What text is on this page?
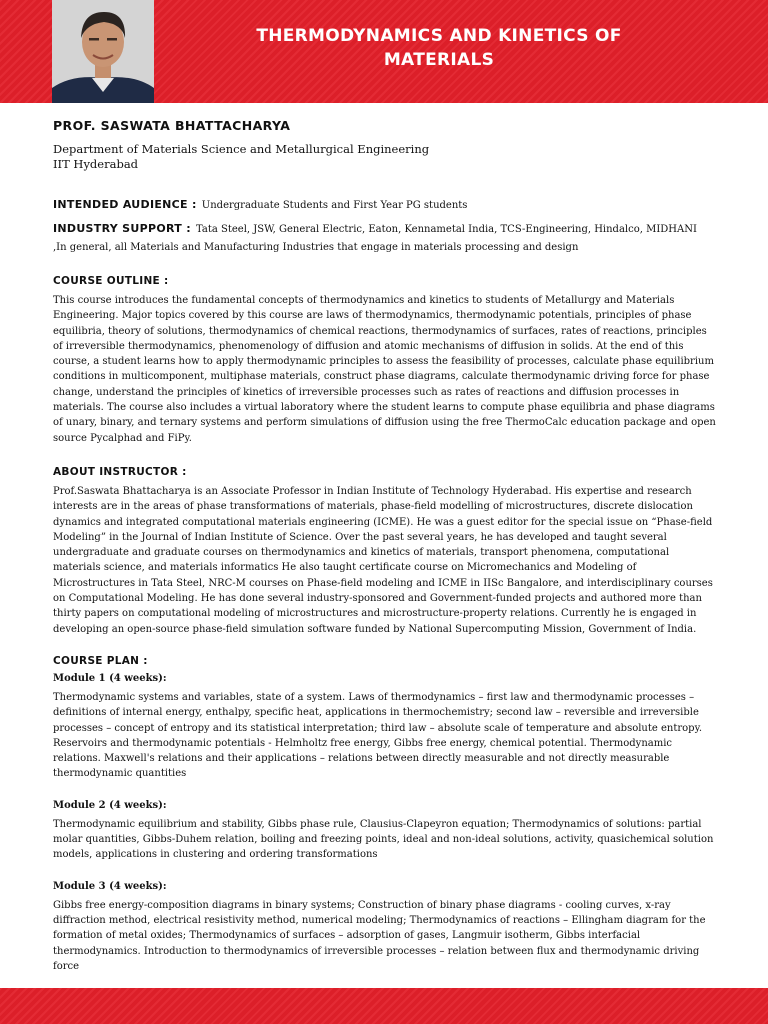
THERMODYNAMICS AND KINETICS OF
MATERIALS
PROF. SASWATA BHATTACHARYA
Department of Materials Science and Metallurgical Engineering
IIT Hyderabad
INTENDED AUDIENCE : Undergraduate Students and First Year PG students
INDUSTRY SUPPORT : Tata Steel, JSW, General Electric, Eaton, Kennametal India, TCS-Engineering, Hindalco, MIDHANI
,In general, all Materials and Manufacturing Industries that engage in materials processing and design
COURSE OUTLINE :

This course introduces the fundamental concepts of thermodynamics and kinetics to students of Metallurgy and Materials Engineering. Major topics covered by this course are laws of thermodynamics, thermodynamic potentials, principles of phase equilibria, theory of solutions, thermodynamics of chemical reactions, thermodynamics of surfaces, rates of reactions, principles of irreversible thermodynamics, phenomenology of diffusion and atomic mechanisms of diffusion in solids. At the end of this course, a student learns how to apply thermodynamic principles to assess the feasibility of processes, calculate phase equilibrium conditions in multicomponent, multiphase materials, construct phase diagrams, calculate thermodynamic driving force for phase change, understand the principles of kinetics of irreversible processes such as rates of reactions and diffusion processes in materials. The course also includes a virtual laboratory where the student learns to compute phase equilibria and phase diagrams of unary, binary, and ternary systems and perform simulations of diffusion using the free ThermoCalc education package and open source Pycalphad and FiPy.

ABOUT INSTRUCTOR :

Prof.Saswata Bhattacharya is an Associate Professor in Indian Institute of Technology Hyderabad. His expertise and research interests are in the areas of phase transformations of materials, phase-field modelling of microstructures, discrete dislocation dynamics and integrated computational materials engineering (ICME). He was a guest editor for the special issue on “Phase-field Modeling” in the Journal of Indian Institute of Science. Over the past several years, he has developed and taught several undergraduate and graduate courses on thermodynamics and kinetics of materials, transport phenomena, computational materials science, and materials informatics He also taught certificate course on Micromechanics and Modeling of Microstructures in Tata Steel, NRC-M courses on Phase-field modeling and ICME in IISc Bangalore, and interdisciplinary courses on Computational Modeling. He has done several industry-sponsored and Government-funded projects and authored more than thirty papers on computational modeling of microstructures and microstructure-property relations. Currently he is engaged in developing an open-source phase-field simulation software funded by National Supercomputing Mission, Government of India.

COURSE PLAN :
Module 1 (4 weeks):

Thermodynamic systems and variables, state of a system. Laws of thermodynamics – first law and thermodynamic processes – definitions of internal energy, enthalpy, specific heat, applications in thermochemistry; second law – reversible and irreversible processes – concept of entropy and its statistical interpretation; third law – absolute scale of temperature and absolute entropy. Reservoirs and thermodynamic potentials - Helmholtz free energy, Gibbs free energy, chemical potential. Thermodynamic relations. Maxwell's relations and their applications – relations between directly measurable and not directly measurable thermodynamic quantities

Module 2 (4 weeks):

Thermodynamic equilibrium and stability, Gibbs phase rule, Clausius-Clapeyron equation; Thermodynamics of solutions: partial molar quantities, Gibbs-Duhem relation, boiling and freezing points, ideal and non-ideal solutions, activity, quasichemical solution models, applications in clustering and ordering transformations

Module 3 (4 weeks):

Gibbs free energy-composition diagrams in binary systems; Construction of binary phase diagrams - cooling curves, x-ray diffraction method, electrical resistivity method, numerical modeling; Thermodynamics of reactions – Ellingham diagram for the formation of metal oxides; Thermodynamics of surfaces – adsorption of gases, Langmuir isotherm, Gibbs interfacial thermodynamics. Introduction to thermodynamics of irreversible processes – relation between flux and thermodynamic driving force
